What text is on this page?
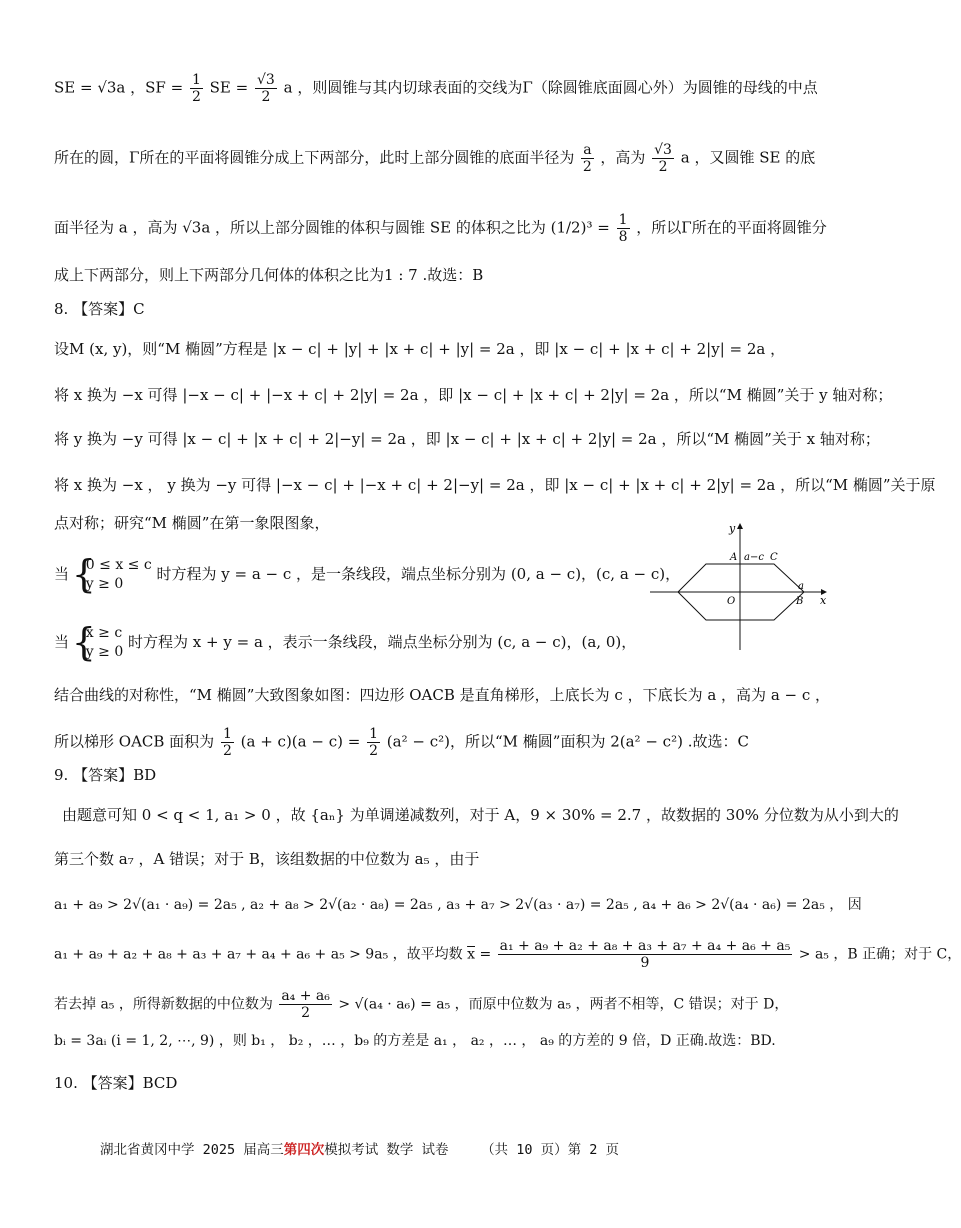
SE = √3a ，SF = $\frac{1}{2}$ SE = $\frac{√3}{2}$ a ，则圆锥与其内切球表面的交线为Γ（除圆锥底面圆心外）为圆锥的母线的中点
所在的圆，Γ所在的平面将圆锥分成上下两部分，此时上部分圆锥的底面半径为 $\frac{a}{2}$ ，高为 $\frac{√3}{2}$ a ，又圆锥 SE 的底
面半径为 a ，高为 √3a ，所以上部分圆锥的体积与圆锥 SE 的体积之比为 $(1/2)^3 = \frac{1}{8}$ ，所以Γ所在的平面将圆锥分
成上下两部分，则上下两部分几何体的体积之比为1 : 7 .故选：B
8. 【答案】C
设M (x, y)，则“M 椭圆”方程是 |x − c| + |y| + |x + c| + |y| = 2a ，即 |x − c| + |x + c| + 2|y| = 2a ，
将 x 换为 −x 可得 |−x − c| + |−x + c| + 2|y| = 2a ，即 |x − c| + |x + c| + 2|y| = 2a ，所以“M 椭圆”关于 y 轴对称；
将 y 换为 −y 可得 |x − c| + |x + c| + 2|−y| = 2a ，即 |x − c| + |x + c| + 2|y| = 2a ，所以“M 椭圆”关于 x 轴对称；
将 x 换为 −x ， y 换为 −y 可得 |−x − c| + |−x + c| + 2|−y| = 2a ，即 |x − c| + |x + c| + 2|y| = 2a ，所以“M 椭圆”关于原
点对称；研究“M 椭圆”在第一象限图象，
当 { 0 ≤ x ≤ c
y ≥ 0
时方程为 y = a − c ，是一条线段，端点坐标分别为 (0, a − c)，(c, a − c)，
当 { x ≥ c
y ≥ 0
时方程为 x + y = a ，表示一条线段，端点坐标分别为 (c, a − c)，(a, 0)，
y
x
A a−c C
a
B
O
结合曲线的对称性，“M 椭圆”大致图象如图：四边形 OACB 是直角梯形，上底长为 c ，下底长为 a ，高为 a − c ，
所以梯形 OACB 面积为 $\frac{1}{2} (a + c)(a - c) = \frac{1}{2} (a^2 - c^2)$，所以“M 椭圆”面积为 2(a² − c²) .故选：C
9. 【答案】BD
由题意可知 0 < q < 1, a₁ > 0 ，故 {aₙ} 为单调递减数列，对于 A，9 × 30% = 2.7 ，故数据的 30% 分位数为从小到大的
第三个数 a₇ ，A 错误；对于 B，该组数据的中位数为 a₅ ，由于
a₁ + a₉ > 2√(a₁ · a₉) = 2a₅ , a₂ + a₈ > 2√(a₂ · a₈) = 2a₅ , a₃ + a₇ > 2√(a₃ · a₇) = 2a₅ , a₄ + a₆ > 2√(a₄ · a₆) = 2a₅ ， 因
a₁ + a₉ + a₂ + a₈ + a₃ + a₇ + a₄ + a₆ + a₅ > 9a₅ ，故平均数 $\overline{x} = \frac{\text{a₁ + a₉ + a₂ + a₈ + a₃ + a₇ + a₄ + a₆ + a₅}}{9} > a_5$ ，B 正确；对于 C，
若去掉 a₅ ，所得新数据的中位数为 $\frac{\text{a₄ + a₆}}{2} > √(a_4 \cdot a_6) = a_5$ ，而原中位数为 a₅ ，两者不相等，C 错误；对于 D，
bᵢ = 3aᵢ (i = 1, 2, ⋯, 9) ，则 b₁ ， b₂ ，… ，b₉ 的方差是 a₁ ， a₂ ，… ， a₉ 的方差的 9 倍，D 正确.故选：BD.
10. 【答案】BCD
湖北省黄冈中学 2025 届高三第四次模拟考试 数学 试卷 （共 10 页）第 2 页
